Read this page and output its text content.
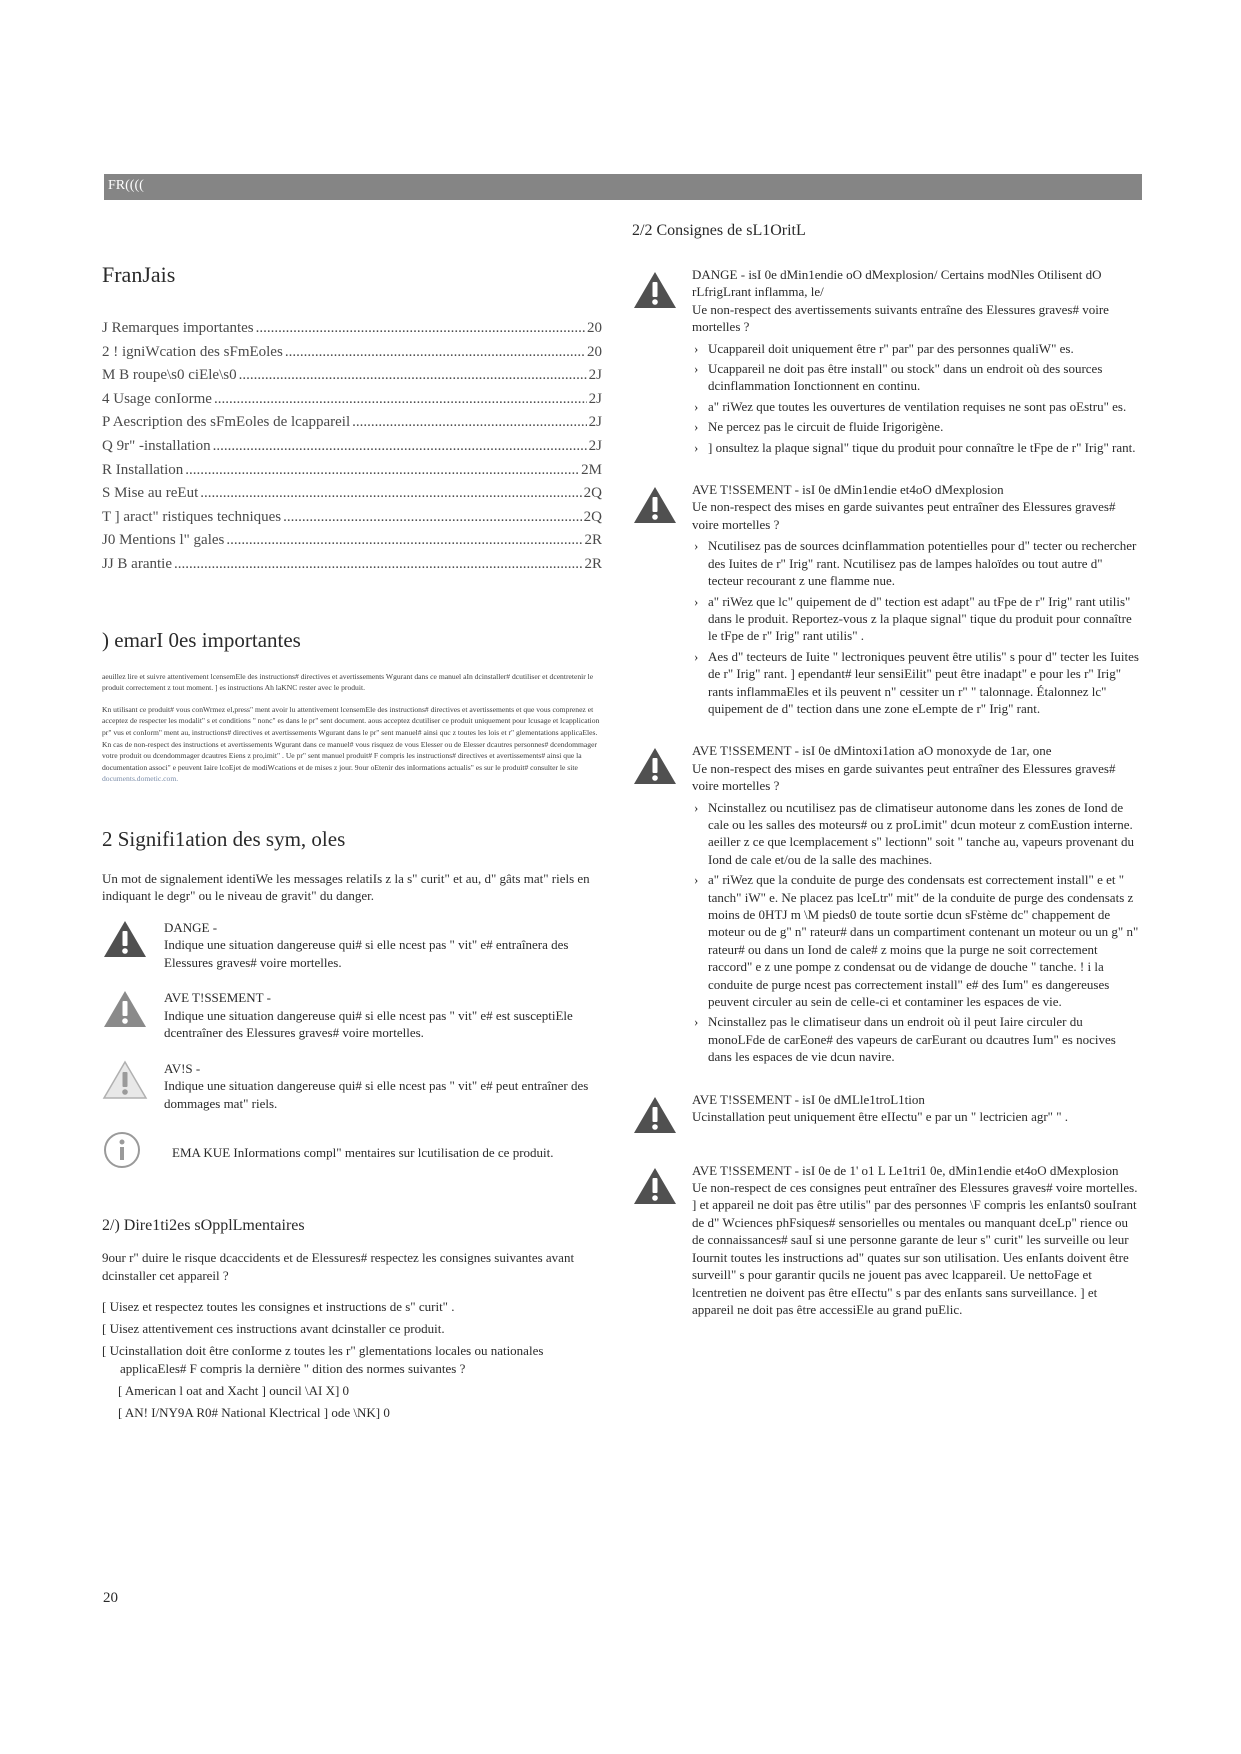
FR((((
FranJais
J Remarques importantes .....	20
2 ! igniWcation des sFmEoles .....	20
M B roupe\s0 ciEle\s0 .....	2J
4 Usage conIorme .....	2J
P Aescription des sFmEoles de lcappareil .....	2J
Q 9r" -installation .....	2J
R Installation .....	2M
S Mise au reEut .....	2Q
T ] aract" ristiques techniques .....	2Q
J0 Mentions l" gales .....	2R
JJ B arantie .....	2R
) emarI 0es importantes

aeuillez lire et suivre attentivement lcensemEle des instructions# directives et avertissements Wgurant dans ce manuel aIn dcinstaller# dcutiliser et dcentretenir le produit correctement z tout moment. ] es instructions Ah laKNC rester avec le produit.

Kn utilisant ce produit# vous conWrmez el,press" ment avoir lu attentivement lcensemEle des instructions# directives et avertissements et que vous comprenez et acceptez de respecter les modalit" s et conditions " nonc" es dans le pr" sent document. aous acceptez dcutiliser ce produit uniquement pour lcusage et lcapplication pr" vus et conIorm" ment au, instructions# directives et avertissements Wgurant dans le pr" sent manuel# ainsi quc z toutes les lois et r" glementations applicaEles. Kn cas de non-respect des instructions et avertissements Wgurant dans ce manuel# vous risquez de vous Elesser ou de Elesser dcautres personnes# dcendommager votre produit ou dcendommager dcautres Eiens z pro,imit" . Ue pr" sent manuel produit# F compris les instructions# directives et avertissements# ainsi que la documentation associ" e peuvent Iaire lcoEjet de modiWcations et de mises z jour. 9our oEtenir des inIormations actualis" es sur le produit# consulter le site documents.dometic.com.

2 Signifi1ation des sym, oles

Un mot de signalement identiWe les messages relatiIs z la s" curit" et au, d" gâts mat" riels en indiquant le degr" ou le niveau de gravit" du danger.

DANGE -
Indique une situation dangereuse qui# si elle ncest pas " vit" e# entraînera des Elessures graves# voire mortelles.
AVE T!SSEMENT -
Indique une situation dangereuse qui# si elle ncest pas " vit" e# est susceptiEle dcentraîner des Elessures graves# voire mortelles.
AV!S -
Indique une situation dangereuse qui# si elle ncest pas " vit" e# peut entraîner des dommages mat" riels.
EMA KUE InIormations compl" mentaires sur lcutilisation de ce produit.
2/) Dire1ti2es sOpplLmentaires

9our r" duire le risque dcaccidents et de Elessures# respectez les consignes suivantes avant dcinstaller cet appareil ?

[ Uisez et respectez toutes les consignes et instructions de s" curit" .
[ Uisez attentivement ces instructions avant dcinstaller ce produit.
[ Ucinstallation doit être conIorme z toutes les r" glementations locales ou nationales applicaEles# F compris la dernière " dition des normes suivantes ?
[ American l oat and Xacht ] ouncil \AI X] 0
[ AN! I/NY9A R0# National Klectrical ] ode \NK] 0
20
2/2 Consignes de sL1OritL
DANGE - isI 0e dMin1endie oO dMexplosion/ Certains modNles Otilisent dO rLfrigLrant inflamma, le/
Ue non-respect des avertissements suivants entraîne des Elessures graves# voire mortelles ?
› Ucappareil doit uniquement être r" par" par des personnes qualiW" es.
› Ucappareil ne doit pas être install" ou stock" dans un endroit où des sources dcinflammation Ionctionnent en continu.
› a" riWez que toutes les ouvertures de ventilation requises ne sont pas oEstru" es.
› Ne percez pas le circuit de fluide Irigorigène.
› ] onsultez la plaque signal" tique du produit pour connaître le tFpe de r" Irig" rant.
AVE T!SSEMENT - isI 0e dMin1endie et4oO dMexplosion
Ue non-respect des mises en garde suivantes peut entraîner des Elessures graves# voire mortelles ?
› Ncutilisez pas de sources dcinflammation potentielles pour d" tecter ou rechercher des Iuites de r" Irig" rant. Ncutilisez pas de lampes haloïdes ou tout autre d" tecteur recourant z une flamme nue.
› a" riWez que lc" quipement de d" tection est adapt" au tFpe de r" Irig" rant utilis" dans le produit. Reportez-vous z la plaque signal" tique du produit pour connaître le tFpe de r" Irig" rant utilis" .
› Aes d" tecteurs de Iuite " lectroniques peuvent être utilis" s pour d" tecter les Iuites de r" Irig" rant. ] ependant# leur sensiEilit" peut être inadapt" e pour les r" Irig" rants inflammaEles et ils peuvent n" cessiter un r" " talonnage. Étalonnez lc" quipement de d" tection dans une zone eLempte de r" Irig" rant.
AVE T!SSEMENT - isI 0e dMintoxi1ation aO monoxyde de 1ar, one
Ue non-respect des mises en garde suivantes peut entraîner des Elessures graves# voire mortelles ?
› Ncinstallez ou ncutilisez pas de climatiseur autonome dans les zones de Iond de cale ou les salles des moteurs# ou z proLimit" dcun moteur z comEustion interne. aeiller z ce que lcemplacement s" lectionn" soit " tanche au, vapeurs provenant du Iond de cale et/ou de la salle des machines.
› a" riWez que la conduite de purge des condensats est correctement install" e et " tanch" iW" e. Ne placez pas lceLtr" mit" de la conduite de purge des condensats z moins de 0HTJ m \M pieds0 de toute sortie dcun sFstème dc" chappement de moteur ou de g" n" rateur# dans un compartiment contenant un moteur ou un g" n" rateur# ou dans un Iond de cale# z moins que la purge ne soit correctement raccord" e z une pompe z condensat ou de vidange de douche " tanche. ! i la conduite de purge ncest pas correctement install" e# des Ium" es dangereuses peuvent circuler au sein de celle-ci et contaminer les espaces de vie.
› Ncinstallez pas le climatiseur dans un endroit où il peut Iaire circuler du monoLFde de carEone# des vapeurs de carEurant ou dcautres Ium" es nocives dans les espaces de vie dcun navire.
AVE T!SSEMENT - isI 0e dMLle1troL1tion
Ucinstallation peut uniquement être eIIectu" e par un " lectricien agr" " .
AVE T!SSEMENT - isI 0e de 1' o1 L Le1tri1 0e, dMin1endie et4oO dMexplosion
Ue non-respect de ces consignes peut entraîner des Elessures graves# voire mortelles. ] et appareil ne doit pas être utilis" par des personnes \F compris les enIants0 souIrant de d" Wciences phFsiques# sensorielles ou mentales ou manquant dceLp" rience ou de connaissances# sauI si une personne garante de leur s" curit" les surveille ou leur Iournit toutes les instructions ad" quates sur son utilisation. Ues enIants doivent être surveill" s pour garantir qucils ne jouent pas avec lcappareil. Ue nettoFage et lcentretien ne doivent pas être eIIectu" s par des enIants sans surveillance. ] et appareil ne doit pas être accessiEle au grand puElic.
